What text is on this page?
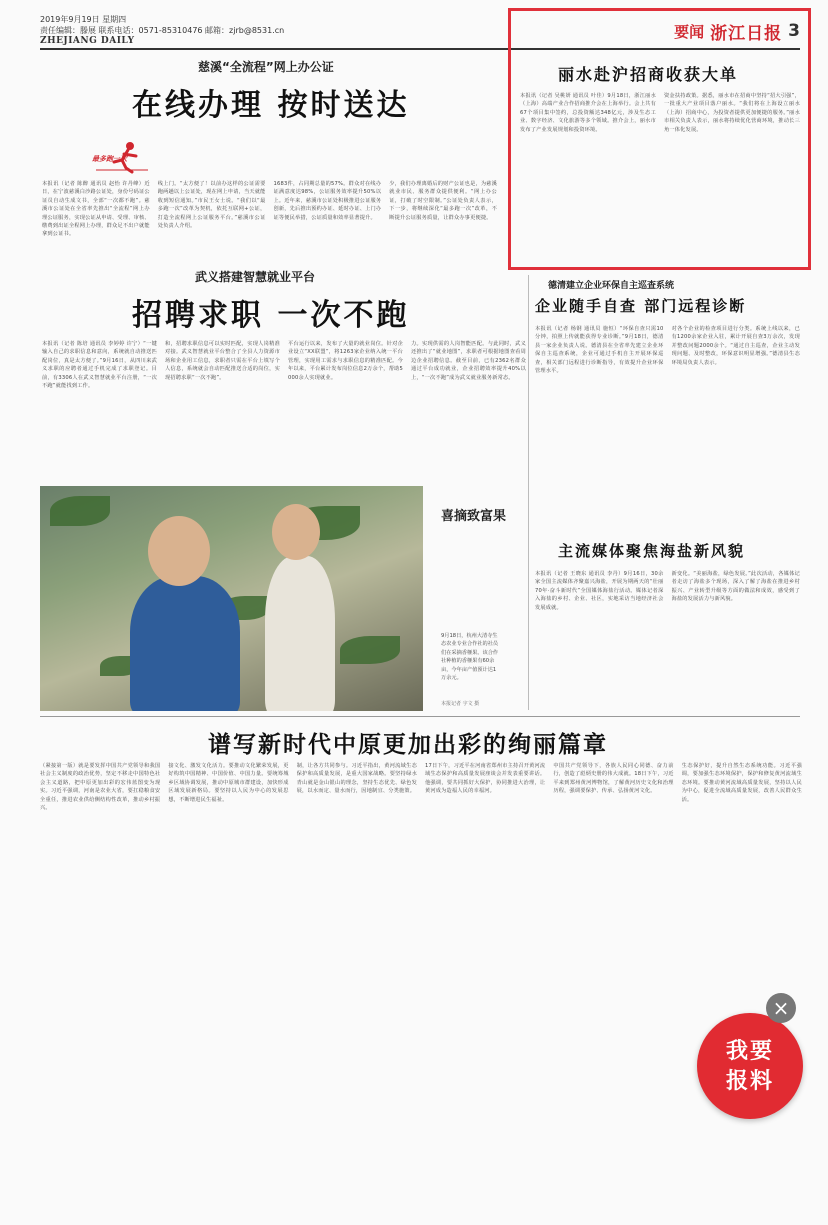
2019年9月19日 星期四
责任编辑：滕展 联系电话：0571-85310476 邮箱：zjrb@8531.cn
ZHEJIANG DAILY
要闻 浙江日报 3
慈溪“全流程”网上办公证
在线办理 按时送达
最多跑一次
本报讯（记者 陈醉 通讯员 赵怡 许丹峰）近日，在宁波慈溪白沙路公证处，身份号码证公证员自动生成文书，全部“一次都不跑”。慈溪市公证处在全省率先推出“全流程”网上办理公证服务，实现公证从申请、受理、审核、缴费到出证全程网上办理，群众足不出户就能拿到公证书。
线上门。“太方便了！以前办这样的公证需要跑两趟以上公证处，现在网上申请，当天就能收到短信通知。”市民王女士说。“我们以“最多跑一次”改革为契机，依托互联网+公证，打造全流程网上公证服务平台。”慈溪市公证处负责人介绍。
1683件，占同期总量的57%。群众对在线办证满意度达98%，公证服务效率提升50%以上。近年来，慈溪市公证处积极推进公证服务创新，先后推出预约办证、延时办证、上门办证等便民举措，公证质量和效率显著提升。
少，我们办理离婚后的财产公证也是，为慈溪就业市民、服务群众提供便利。“网上办公证，打破了时空限制。”公证处负责人表示，下一步，将继续深化“最多跑一次”改革，不断提升公证服务质量，让群众办事更便捷。
武义搭建智慧就业平台
招聘求职 一次不跑
本报讯（记者 陈培 通讯员 李婷婷 许宁）“一键输入自己的求职信息和意向，系统就自动推送匹配岗位，真是太方便了。”9月16日，从四川来武义求职的应聘者通过手机完成了求职登记。目前，有3306人在武义智慧就业平台注册，“一次不跑”就能找到工作。
和，招聘求职信息可以实时匹配，实现人岗精准对接。武义智慧就业平台整合了全县人力资源市场和企业用工信息，求职者只需在平台上填写个人信息，系统就会自动匹配推送合适的岗位，实现招聘求职“一次不跑”。
平台运行以来，发布了大量的就业岗位。针对企业设立“XX联盟”，将1263家企业纳入统一平台管理，实现用工需求与求职信息的精准匹配。今年以来，平台累计发布岗位信息2万余个，帮助5000余人实现就业。
力。实现供需的人岗智能匹配。与此同时，武义还推出了“就业地图”，求职者可根据地图查看周边企业招聘信息。截至目前，已有2362名群众通过平台成功就业，企业招聘效率提升40%以上，“一次不跑”成为武义就业服务新常态。
喜摘致富果
9月18日，杭州大清寺生态农业专业合作社的社员们在采摘香榧果。该合作社种植的香榧果有60余亩，今年亩产值预计达1万余元。
本报记者 宇文 摄
丽水赴沪招商收获大单
本报讯（记者 吴桃妍 通讯员 叶佳）9月18日，浙江丽水（上海）高端产业合作招商推介会在上海举行。会上共有67个项目集中签约，总投资额达348亿元，涉及生态工业、数字经济、文化旅游等多个领域。推介会上，丽水市发布了产业发展规划和投资环境。
资金扶持政策。据悉，丽水市在招商中坚持“招大引强”，一批重大产业项目落户丽水。“我们将在上海设立丽水（上海）招商中心，为投资者提供更加便捷的服务。”丽水市相关负责人表示，丽水将持续优化营商环境，推动长三角一体化发展。
德清建立企业环保自主巡查系统
企业随手自查 部门远程诊断
本报讯（记者 杨钢 通讯员 施恒）“环保自查只需10分钟，拍照上传就能获得专业诊断。”9月18日，德清县一家企业负责人说。德清县在全省率先建立企业环保自主巡查系统，企业可通过手机自主开展环保巡查，相关部门远程进行诊断指导，有效提升企业环保管理水平。
对各个企业的检查项目进行分类。系统上线以来，已有1200余家企业入驻，累计开展自查3万余次，发现并整改问题2000余个。“通过自主巡查，企业主动发现问题、及时整改，环保意识明显增强。”德清县生态环境局负责人表示。
主流媒体聚焦海盐新风貌
本报讯（记者 王晓东 通讯员 李丹）9月16日，30余家全国主流媒体齐聚嘉兴海盐，开展为期两天的“壮丽70年·奋斗新时代”全国媒体海盐行活动。媒体记者深入海盐的乡村、企业、社区，实地采访当地经济社会发展成就。
新变化。“美丽海盐，绿色发展。”此次活动，各媒体记者走访了海盐多个现场，深入了解了海盐在推进乡村振兴、产业转型升级等方面的做法和成效，感受到了海盐的发展活力与新风貌。
谱写新时代中原更加出彩的绚丽篇章
（紧接第一版）就是要发挥中国共产党领导和我国社会主义制度的政治优势，坚定不移走中国特色社会主义道路，把中原更加出彩的宏伟蓝图变为现实。习近平强调，河南是农业大省，要扛稳粮食安全重任，推进农业供给侧结构性改革，推动乡村振兴。
接文化、激发文化活力。要推动文化繁荣发展，更好构筑中国精神、中国价值、中国力量。要统筹城乡区域协调发展，推动中原城市群建设，加快形成区域发展新格局。要坚持以人民为中心的发展思想，不断增进民生福祉。
制，让各方共同参与。习近平指出，黄河流域生态保护和高质量发展，是重大国家战略。要坚持绿水青山就是金山银山的理念，坚持生态优先、绿色发展，以水而定、量水而行，因地制宜、分类施策。
17日下午，习近平在河南省郑州市主持召开黄河流域生态保护和高质量发展座谈会并发表重要讲话。他强调，要共同抓好大保护，协同推进大治理，让黄河成为造福人民的幸福河。
中国共产党领导下，各族人民同心同德、奋力前行，创造了彪炳史册的伟大成就。18日下午，习近平来到郑州黄河博物馆，了解黄河历史文化和治理历程，强调要保护、传承、弘扬黄河文化。
生态保护好，提升自然生态系统功能。习近平强调，要加强生态环境保护，保护和修复黄河流域生态环境。要推动黄河流域高质量发展，坚持以人民为中心，促进全流域高质量发展，改善人民群众生活。
我要
报料
×
